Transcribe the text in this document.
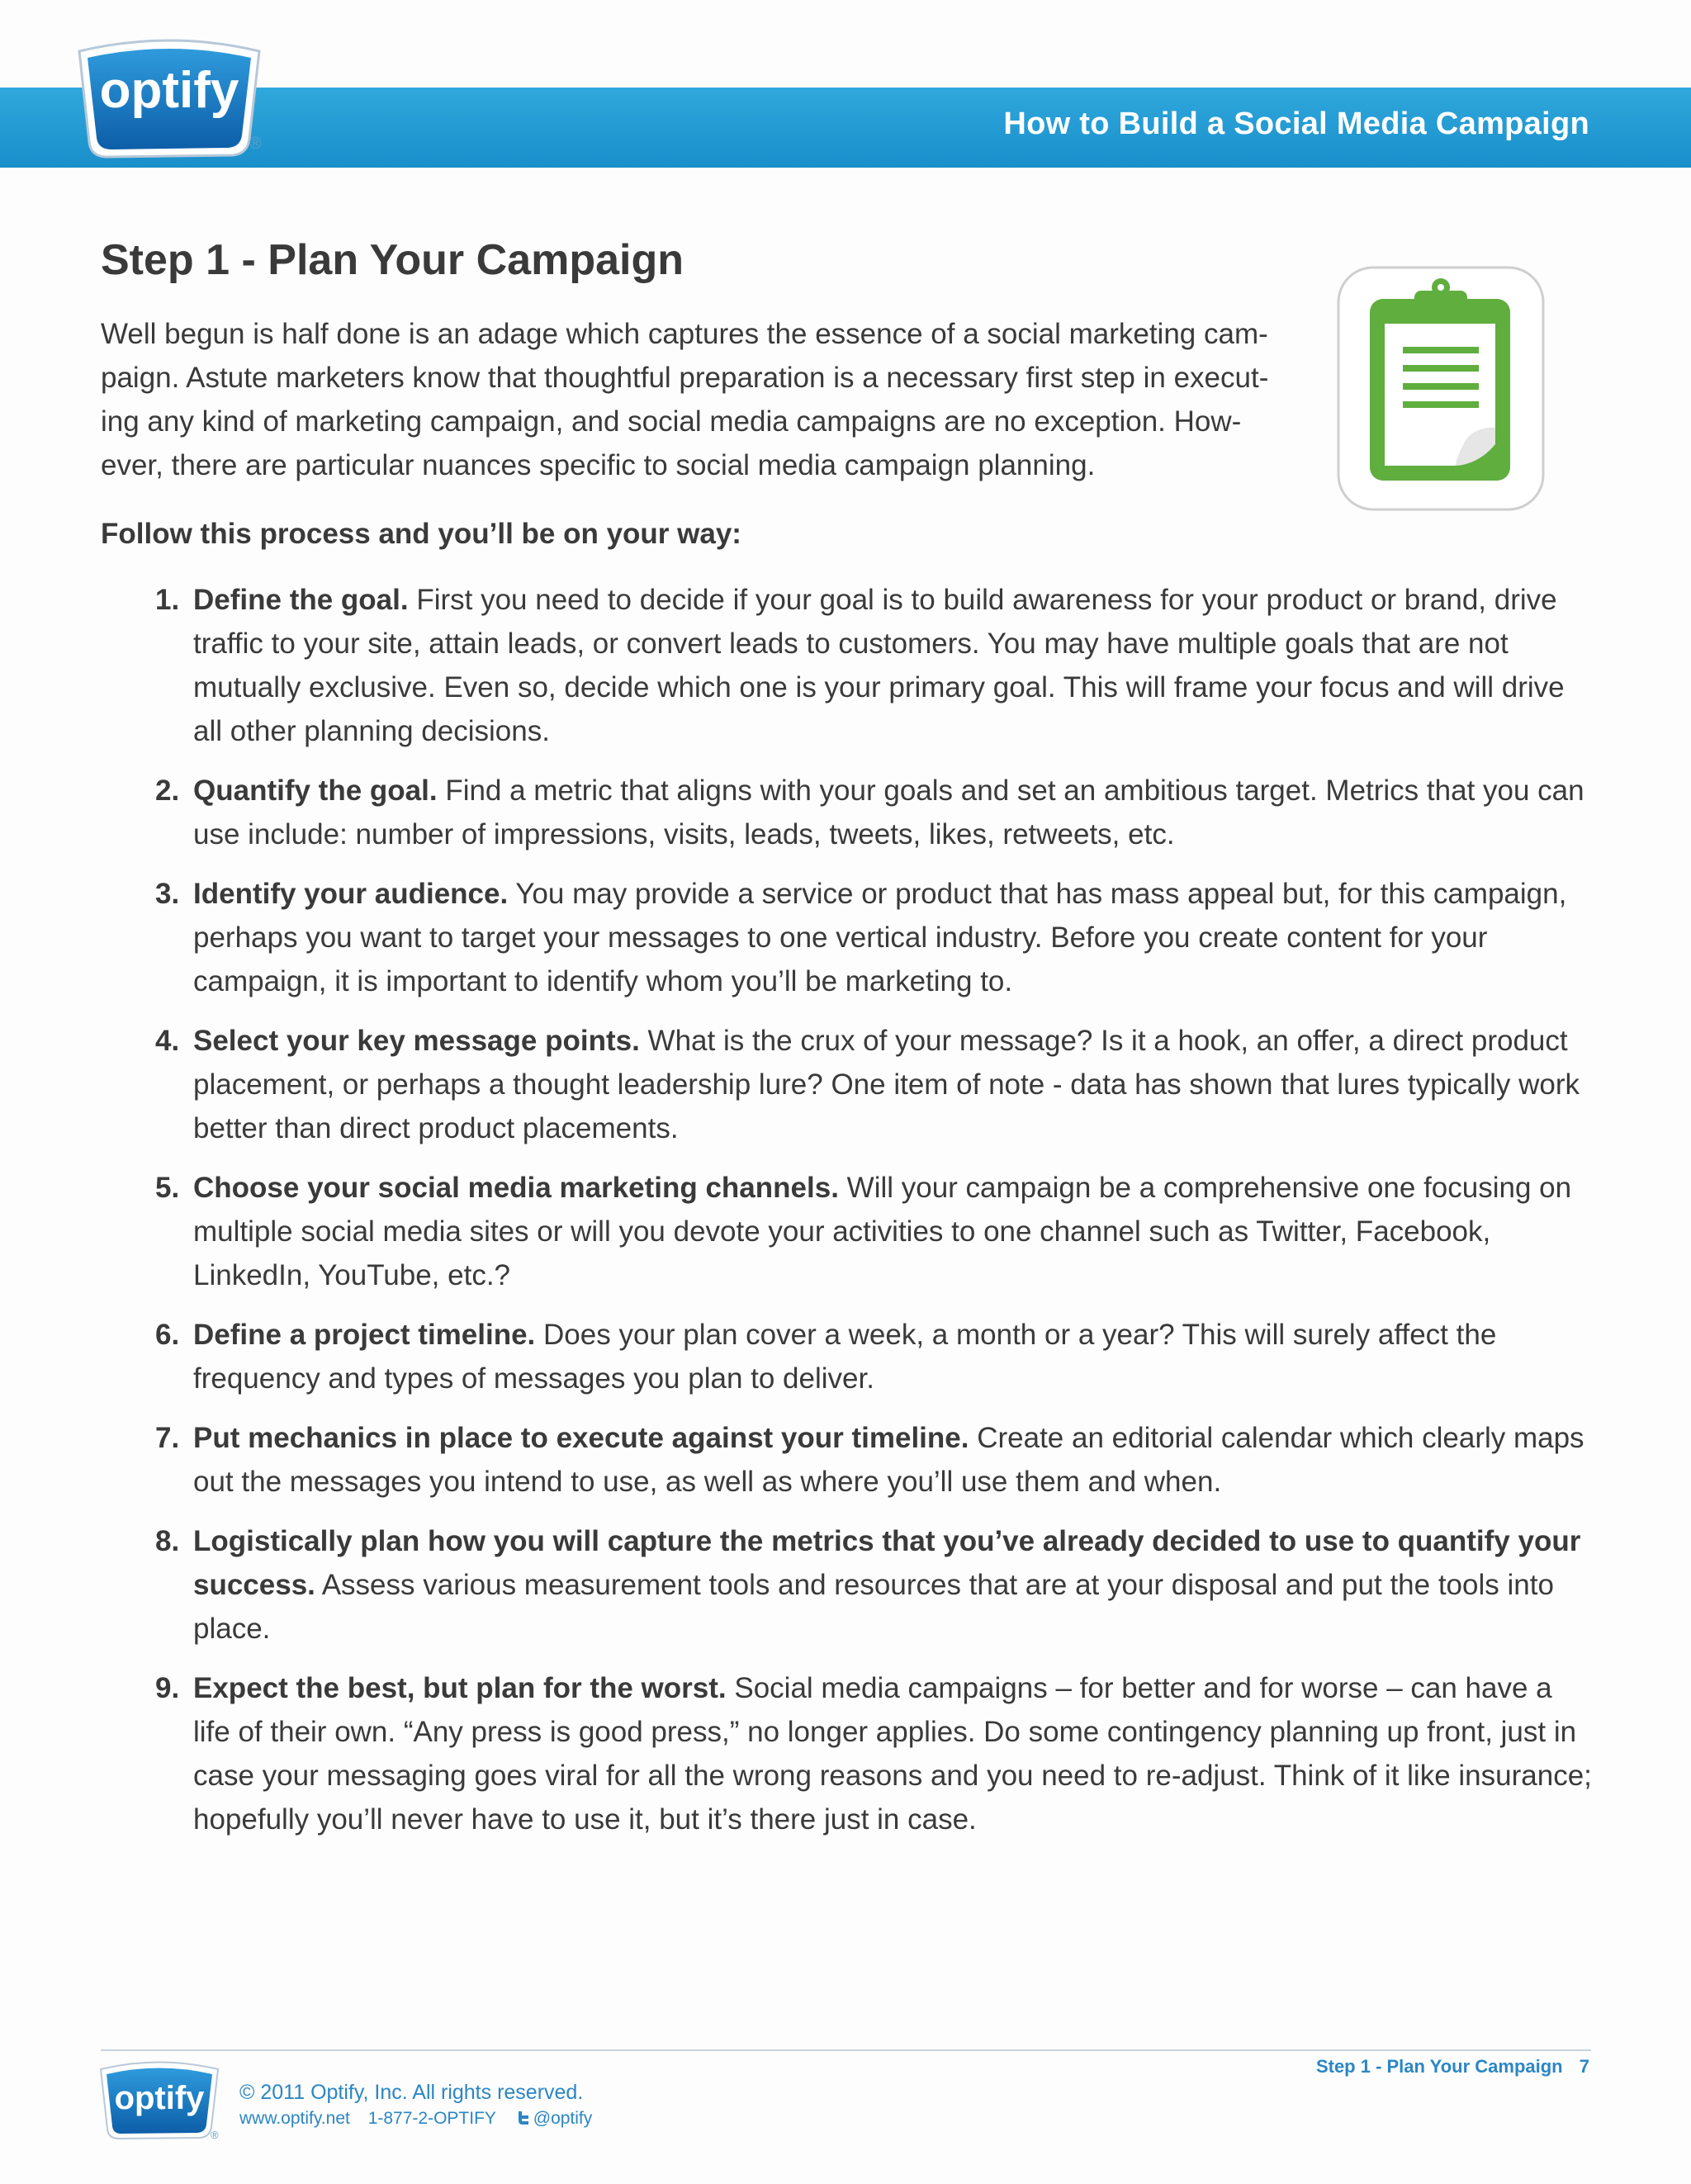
optify
®
How to Build a Social Media Campaign
Step 1 - Plan Your Campaign

Well begun is half done is an adage which captures the essence of a social marketing cam-
paign. Astute marketers know that thoughtful preparation is a necessary first step in execut-
ing any kind of marketing campaign, and social media campaigns are no exception. How-
ever, there are particular nuances specific to social media campaign planning.

Follow this process and you’ll be on your way:

1. Define the goal. First you need to decide if your goal is to build awareness for your product or brand, drive traffic to your site, attain leads, or convert leads to customers. You may have multiple goals that are not mutually exclusive. Even so, decide which one is your primary goal. This will frame your focus and will drive all other planning decisions.
2. Quantify the goal. Find a metric that aligns with your goals and set an ambitious target. Metrics that you can use include: number of impressions, visits, leads, tweets, likes, retweets, etc.
3. Identify your audience. You may provide a service or product that has mass appeal but, for this campaign, perhaps you want to target your messages to one vertical industry. Before you create content for your campaign, it is important to identify whom you’ll be marketing to.
4. Select your key message points. What is the crux of your message? Is it a hook, an offer, a direct product placement, or perhaps a thought leadership lure? One item of note - data has shown that lures typically work better than direct product placements.
5. Choose your social media marketing channels. Will your campaign be a comprehensive one focusing on multiple social media sites or will you devote your activities to one channel such as Twitter, Facebook, LinkedIn, YouTube, etc.?
6. Define a project timeline. Does your plan cover a week, a month or a year? This will surely affect the frequency and types of messages you plan to deliver.
7. Put mechanics in place to execute against your timeline. Create an editorial calendar which clearly maps out the messages you intend to use, as well as where you’ll use them and when.
8. Logistically plan how you will capture the metrics that you’ve already decided to use to quantify your success. Assess various measurement tools and resources that are at your disposal and put the tools into place.
9. Expect the best, but plan for the worst. Social media campaigns – for better and for worse – can have a life of their own. “Any press is good press,” no longer applies. Do some contingency planning up front, just in case your messaging goes viral for all the wrong reasons and you need to re-adjust. Think of it like insurance; hopefully you’ll never have to use it, but it’s there just in case.
Step 1 - Plan Your Campaign 7
optify
®
© 2011 Optify, Inc. All rights reserved.
www.optify.net 1-877-2-OPTIFY @optify
